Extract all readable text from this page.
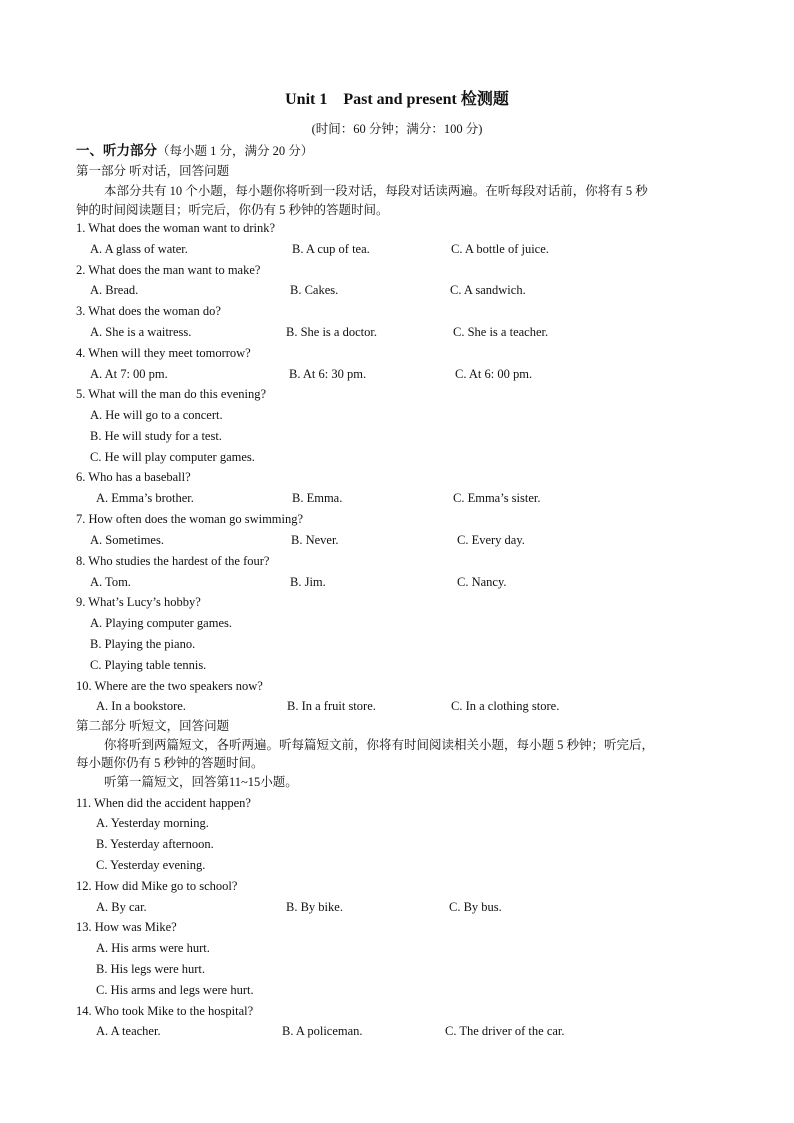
Unit 1　Past and present 检测题
(时间：60 分钟；满分：100 分)
一、听力部分（每小题 1 分，满分 20 分）
第一部分 听对话，回答问题
本部分共有 10 个小题，每小题你将听到一段对话，每段对话读两遍。在听每段对话前，你将有 5 秒
钟的时间阅读题目；听完后，你仍有 5 秒钟的答题时间。
1. What does the woman want to drink?
A. A glass of water.	B. A cup of tea.	C. A bottle of juice.
2. What does the man want to make?
A. Bread.	B. Cakes.	C. A sandwich.
3. What does the woman do?
A. She is a waitress.	B. She is a doctor.	C. She is a teacher.
4. When will they meet tomorrow?
A. At 7: 00 pm.	B. At 6: 30 pm.	C. At 6: 00 pm.
5. What will the man do this evening?
A. He will go to a concert.
B. He will study for a test.
C. He will play computer games.
6. Who has a baseball?
A. Emma’s brother.	B. Emma.	C. Emma’s sister.
7. How often does the woman go swimming?
A. Sometimes.	B. Never.	C. Every day.
8. Who studies the hardest of the four?
A. Tom.	B. Jim.	C. Nancy.
9. What’s Lucy’s hobby?
A. Playing computer games.
B. Playing the piano.
C. Playing table tennis.
10. Where are the two speakers now?
A. In a bookstore.	B. In a fruit store.	C. In a clothing store.
第二部分 听短文，回答问题
你将听到两篇短文，各听两遍。听每篇短文前，你将有时间阅读相关小题，每小题 5 秒钟；听完后，
每小题你仍有 5 秒钟的答题时间。
听第一篇短文，回答第11~15小题。
11. When did the accident happen?
A. Yesterday morning.
B. Yesterday afternoon.
C. Yesterday evening.
12. How did Mike go to school?
A. By car.	B. By bike.	C. By bus.
13. How was Mike?
A. His arms were hurt.
B. His legs were hurt.
C. His arms and legs were hurt.
14. Who took Mike to the hospital?
A. A teacher.	B. A policeman.	C. The driver of the car.
